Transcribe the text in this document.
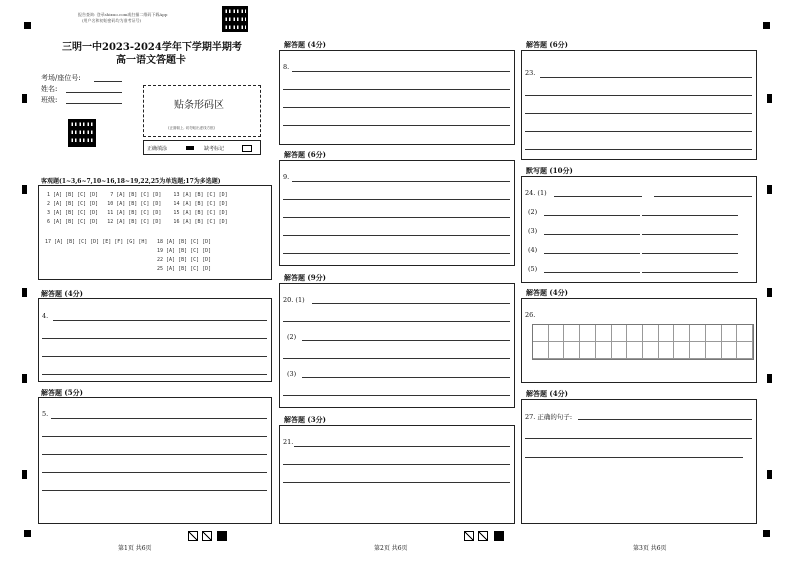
报告查询: 登录shixuo.com或扫描二维码下载App
(用户名和初始密码均为准考证号)
三明一中2023-2024学年下学期半期考
高一语文答题卡
考场/座位号:
姓名:
班级:	贴条形码区
(正面朝上, 切勿贴出虚线方框)
正确填涂	缺考标记
客观题(1~3,6~7,10~16,18~19,22,25为单选题;17为多选题)
1 [A] [B] [C] [D]    7 [A] [B] [C] [D]    13 [A] [B] [C] [D]
2 [A] [B] [C] [D]   10 [A] [B] [C] [D]    14 [A] [B] [C] [D]
3 [A] [B] [C] [D]   11 [A] [B] [C] [D]    15 [A] [B] [C] [D]
6 [A] [B] [C] [D]   12 [A] [B] [C] [D]    16 [A] [B] [C] [D]
17 [A] [B] [C] [D] [E] [F] [G] [H] 18 [A] [B] [C] [D]
19 [A] [B] [C] [D]
22 [A] [B] [C] [D]
25 [A] [B] [C] [D]
解答题 (4分)
4.
解答题 (5分)
5.
解答题 (4分)
8.
解答题 (6分)
9.
解答题 (9分)
20. (1)
(2)
(3)
解答题 (3分)
21.
解答题 (6分)
23.
默写题 (10分)
24. (1)
(2)
(3)
(4)
(5)
解答题 (4分)
26.
解答题 (4分)
27. 正确的句子:
第1页 共6页	第2页 共6页	第3页 共6页
